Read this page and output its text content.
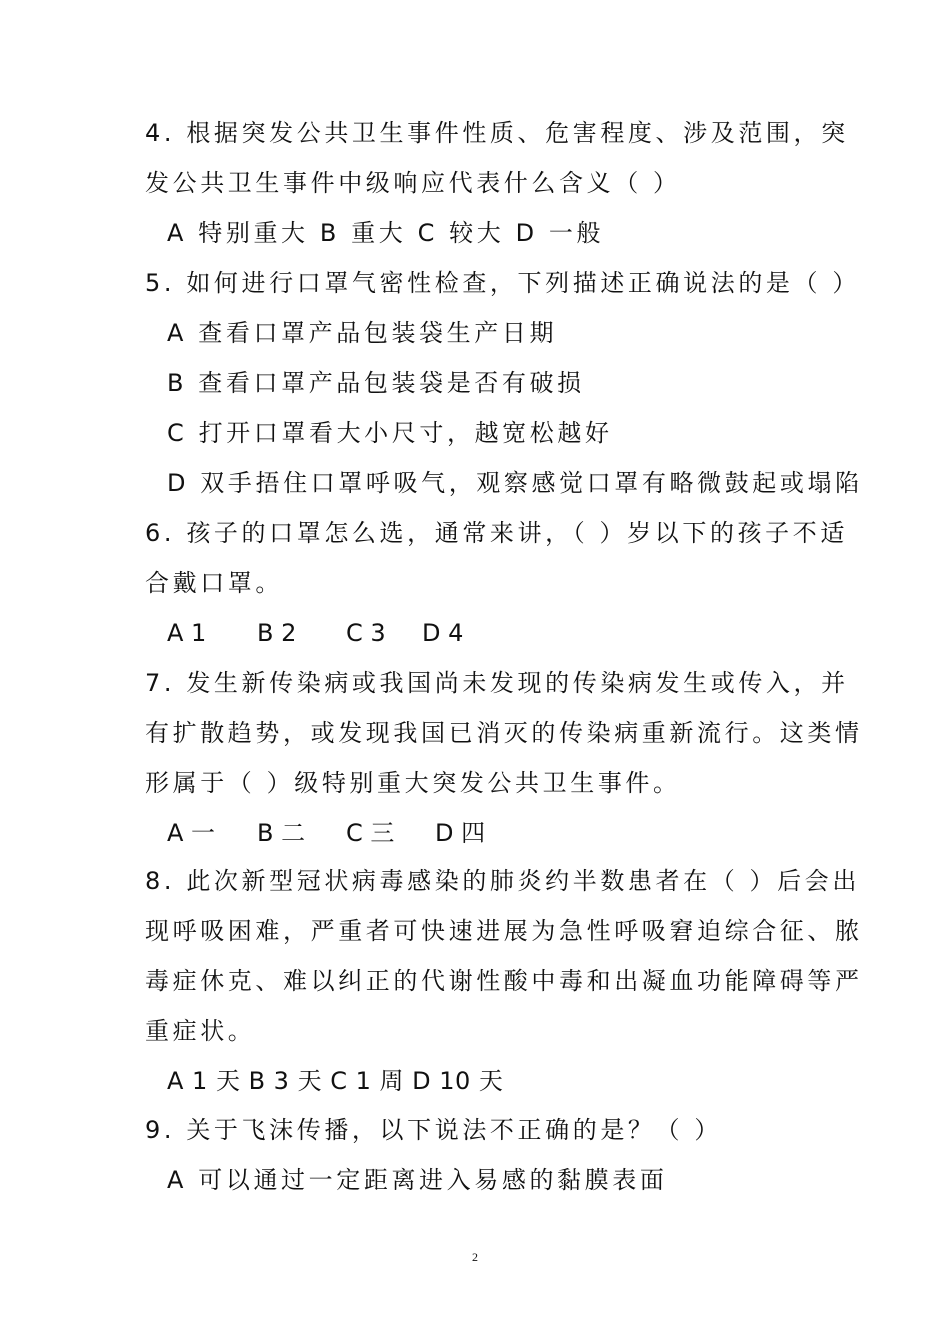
4. 根据突发公共卫生事件性质、危害程度、涉及范围，突
发公共卫生事件中级响应代表什么含义（ ）
A 特别重大 B 重大 C 较大 D 一般
5. 如何进行口罩气密性检查，下列描述正确说法的是（ ）
A 查看口罩产品包装袋生产日期
B 查看口罩产品包装袋是否有破损
C 打开口罩看大小尺寸，越宽松越好
D 双手捂住口罩呼吸气，观察感觉口罩有略微鼓起或塌陷
6. 孩子的口罩怎么选，通常来讲，（ ）岁以下的孩子不适
合戴口罩。
A 1 B 2 C 3 D 4
7. 发生新传染病或我国尚未发现的传染病发生或传入，并
有扩散趋势，或发现我国已消灭的传染病重新流行。这类情
形属于（ ）级特别重大突发公共卫生事件。
A 一 B 二 C 三 D 四
8. 此次新型冠状病毒感染的肺炎约半数患者在（ ）后会出
现呼吸困难，严重者可快速进展为急性呼吸窘迫综合征、脓
毒症休克、难以纠正的代谢性酸中毒和出凝血功能障碍等严
重症状。
A 1 天 B 3 天 C 1 周 D 10 天
9. 关于飞沫传播，以下说法不正确的是？（ ）
A 可以通过一定距离进入易感的黏膜表面
2
